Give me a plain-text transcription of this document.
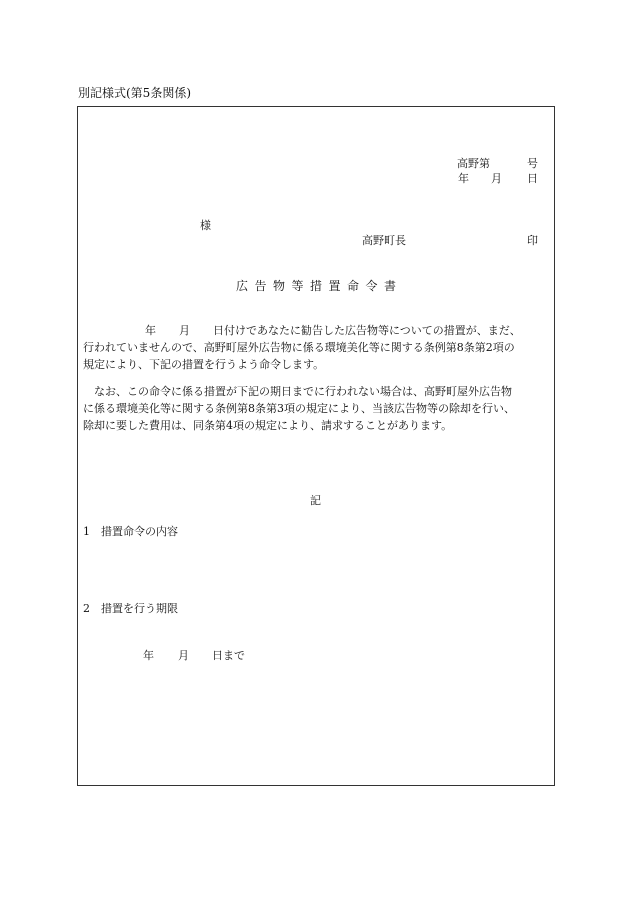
別記様式(第5条関係)
高野第	号
年 月 日
様
高野町長	印
広告物等措置命令書
年 月 日付けであなたに勧告した広告物等についての措置が、まだ、
行われていませんので、高野町屋外広告物に係る環境美化等に関する条例第8条第2項の
規定により、下記の措置を行うよう命令します。
なお、この命令に係る措置が下記の期日までに行われない場合は、高野町屋外広告物
に係る環境美化等に関する条例第8条第3項の規定により、当該広告物等の除却を行い、
除却に要した費用は、同条第4項の規定により、請求することがあります。
記
1　措置命令の内容
2　措置を行う期限
年 月 日まで
